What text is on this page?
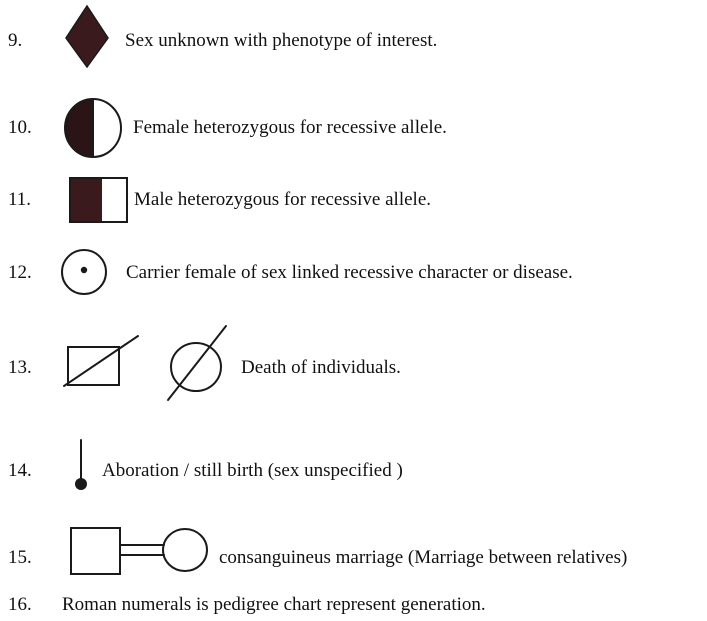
9.	Sex unknown with phenotype of interest.
10.	Female heterozygous for recessive allele.
11.	Male heterozygous for recessive allele.
12.	Carrier female of sex linked recessive character or disease.
13.	Death of individuals.
14.	Aboration / still birth (sex unspecified )
15.	consanguineus marriage (Marriage between relatives)
16. Roman numerals is pedigree chart represent generation.
